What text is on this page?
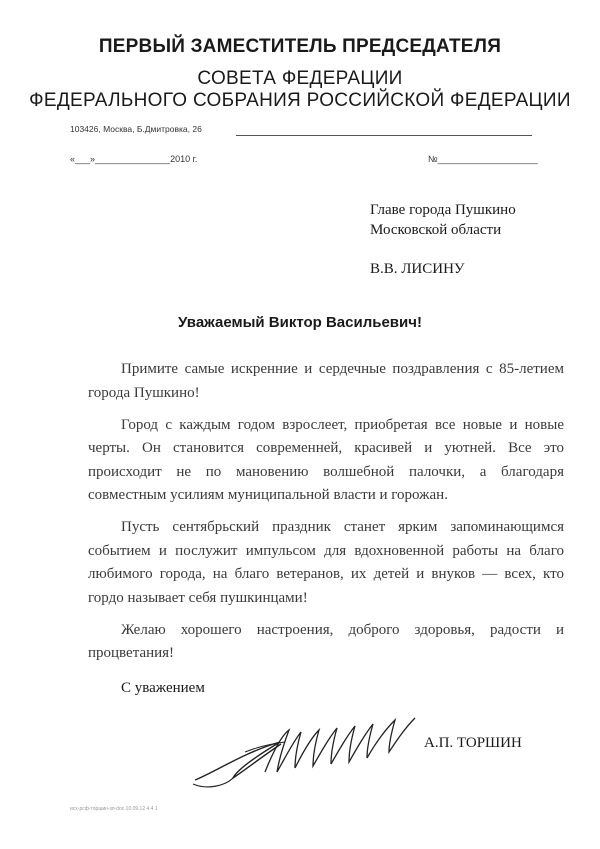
ПЕРВЫЙ ЗАМЕСТИТЕЛЬ ПРЕДСЕДАТЕЛЯ
СОВЕТА ФЕДЕРАЦИИ
ФЕДЕРАЛЬНОГО СОБРАНИЯ РОССИЙСКОЙ ФЕДЕРАЦИИ
103426, Москва, Б.Дмитровка, 26
«___»_______________2010 г.	№____________________
Главе города Пушкино
Московской области
В.В. ЛИСИНУ
Уважаемый Виктор Васильевич!

Примите самые искренние и сердечные поздравления с 85-летием города Пушкино!

Город с каждым годом взрослеет, приобретая все новые и новые черты. Он становится современней, красивей и уютней. Все это происходит не по мановению волшебной палочки, а благодаря совместным усилиям муниципальной власти и горожан.

Пусть сентябрьский праздник станет ярким запоминающимся событием и послужит импульсом для вдохновенной работы на благо любимого города, на благо ветеранов, их детей и внуков — всех, кто гордо называет себя пушкинцами!

Желаю хорошего настроения, доброго здоровья, радости и процветания!

С уважением
А.П. ТОРШИН
исх-рсф-торшин-зп-doc 10.09.12 4 4 1
